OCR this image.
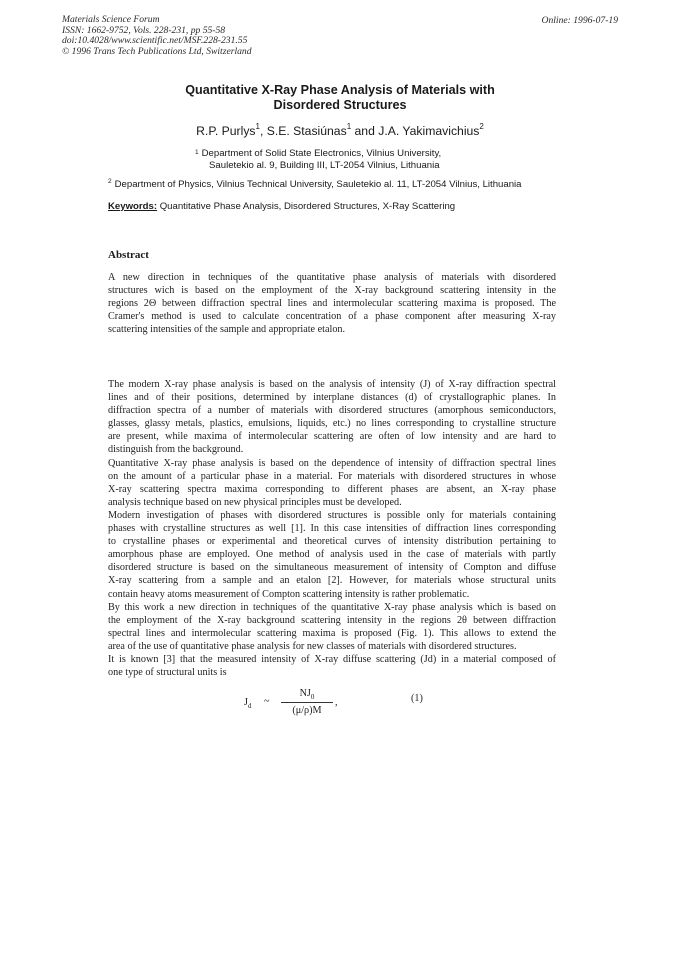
Materials Science Forum
ISSN: 1662-9752, Vols. 228-231, pp 55-58
doi:10.4028/www.scientific.net/MSF.228-231.55
© 1996 Trans Tech Publications Ltd, Switzerland
Online: 1996-07-19
Quantitative X-Ray Phase Analysis of Materials with
Disordered Structures
R.P. Purlys$^1$, S.E. Stasiúnas$^1$ and J.A. Yakimavichius$^2$
$^1$ Department of Solid State Electronics, Vilnius University,
Sauletekio al. 9, Building III, LT-2054 Vilnius, Lithuania
$^2$ Department of Physics, Vilnius Technical University, Sauletekio al. 11, LT-2054 Vilnius, Lithuania
Keywords: Quantitative Phase Analysis, Disordered Structures, X-Ray Scattering
Abstract
A new direction in techniques of the quantitative phase analysis of materials with disordered
structures wich is based on the employment of the X-ray background scattering intensity in the
regions 2Θ between diffraction spectral lines and intermolecular scattering maxima is proposed. The
Cramer's method is used to calculate concentration of a phase component after measuring X-ray
scattering intensities of the sample and appropriate etalon.
The modern X-ray phase analysis is based on the analysis of intensity (J) of X-ray diffraction spectral
lines and of their positions, determined by interplane distances (d) of crystallographic planes. In
diffraction spectra of a number of materials with disordered structures (amorphous semiconductors,
glasses, glassy metals, plastics, emulsions, liquids, etc.) no lines corresponding to crystalline structure
are present, while maxima of intermolecular scattering are often of low intensity and are hard to
distinguish from the background.
Quantitative X-ray phase analysis is based on the dependence of intensity of diffraction spectral lines
on the amount of a particular phase in a material. For materials with disordered structures in whose
X-ray scattering spectra maxima corresponding to different phases are absent, an X-ray phase
analysis technique based on new physical principles must be developed.
Modern investigation of phases with disordered structures is possible only for materials containing
phases with crystalline structures as well [1]. In this case intensities of diffraction lines corresponding
to crystalline phases or experimental and theoretical curves of intensity distribution pertaining to
amorphous phase are employed. One method of analysis used in the case of materials with partly
disordered structure is based on the simultaneous measurement of intensity of Compton and diffuse
X-ray scattering from a sample and an etalon [2]. However, for materials whose structural units
contain heavy atoms measurement of Compton scattering intensity is rather problematic.
By this work a new direction in techniques of the quantitative X-ray phase analysis which is based on
the employment of the X-ray background scattering intensity in the regions 2θ between diffraction
spectral lines and intermolecular scattering maxima is proposed (Fig. 1). This allows to extend the
area of the use of quantitative phase analysis for new classes of materials with disordered structures.
It is known [3] that the measured intensity of X-ray diffuse scattering (Jd) in a material composed of
one type of structural units is
$J_d$ ~
$NJ_0$
(μ/ρ)M
,	(1)
